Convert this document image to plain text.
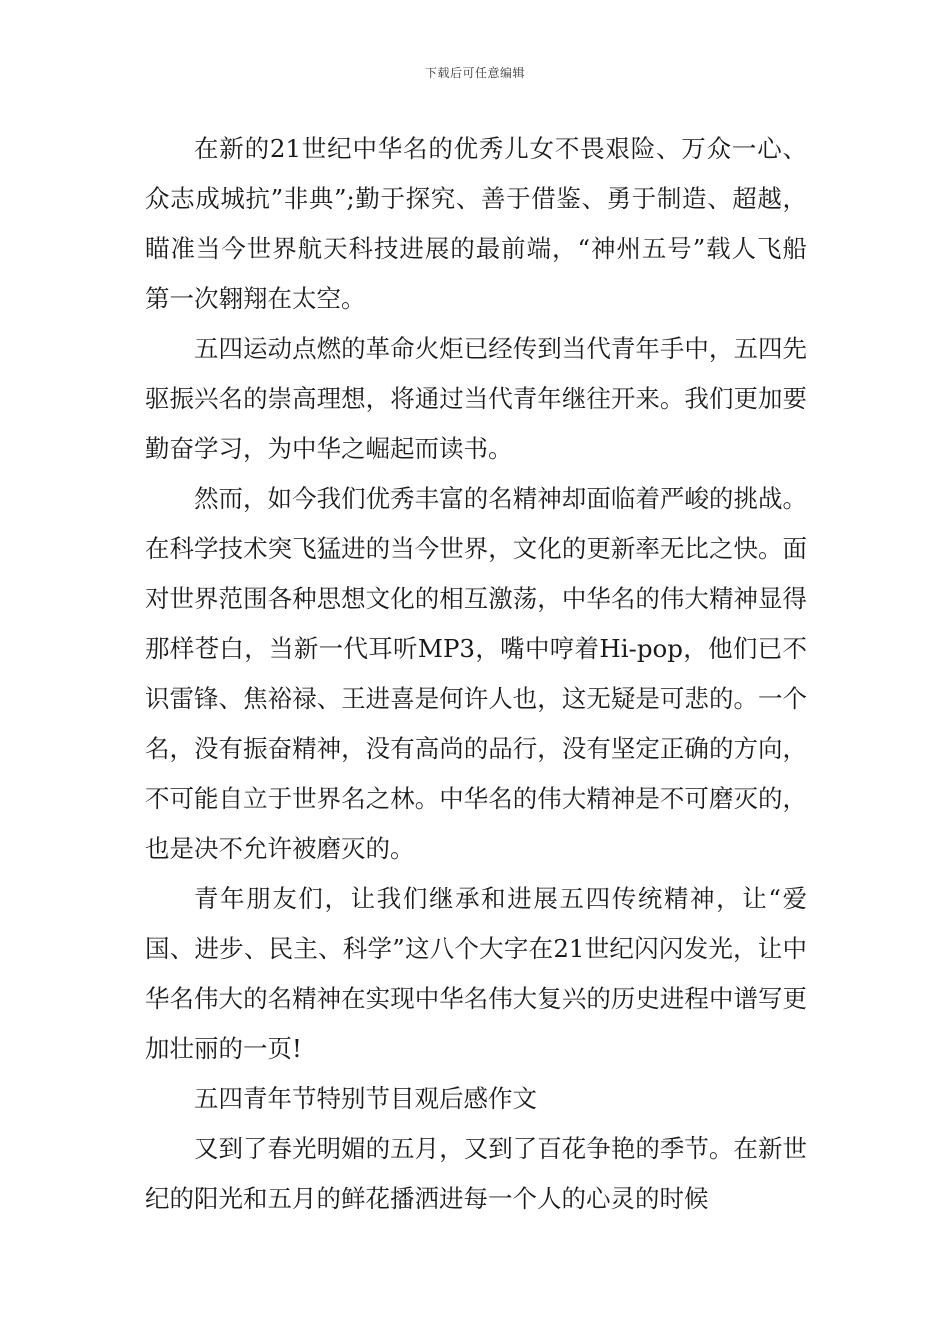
下载后可任意编辑

在新的21世纪中华名的优秀儿女不畏艰险、万众一心、众志成城抗”非典”;勤于探究、善于借鉴、勇于制造、超越，瞄准当今世界航天科技进展的最前端，“神州五号”载人飞船第一次翱翔在太空。

五四运动点燃的革命火炬已经传到当代青年手中，五四先驱振兴名的崇高理想，将通过当代青年继往开来。我们更加要勤奋学习，为中华之崛起而读书。

然而，如今我们优秀丰富的名精神却面临着严峻的挑战。在科学技术突飞猛进的当今世界，文化的更新率无比之快。面对世界范围各种思想文化的相互激荡，中华名的伟大精神显得那样苍白，当新一代耳听MP3，嘴中哼着Hi-pop，他们已不识雷锋、焦裕禄、王进喜是何许人也，这无疑是可悲的。一个名，没有振奋精神，没有高尚的品行，没有坚定正确的方向，不可能自立于世界名之林。中华名的伟大精神是不可磨灭的，也是决不允许被磨灭的。

青年朋友们，让我们继承和进展五四传统精神，让“爱国、进步、民主、科学”这八个大字在21世纪闪闪发光，让中华名伟大的名精神在实现中华名伟大复兴的历史进程中谱写更加壮丽的一页!

五四青年节特别节目观后感作文

又到了春光明媚的五月，又到了百花争艳的季节。在新世纪的阳光和五月的鲜花播洒进每一个人的心灵的时候
